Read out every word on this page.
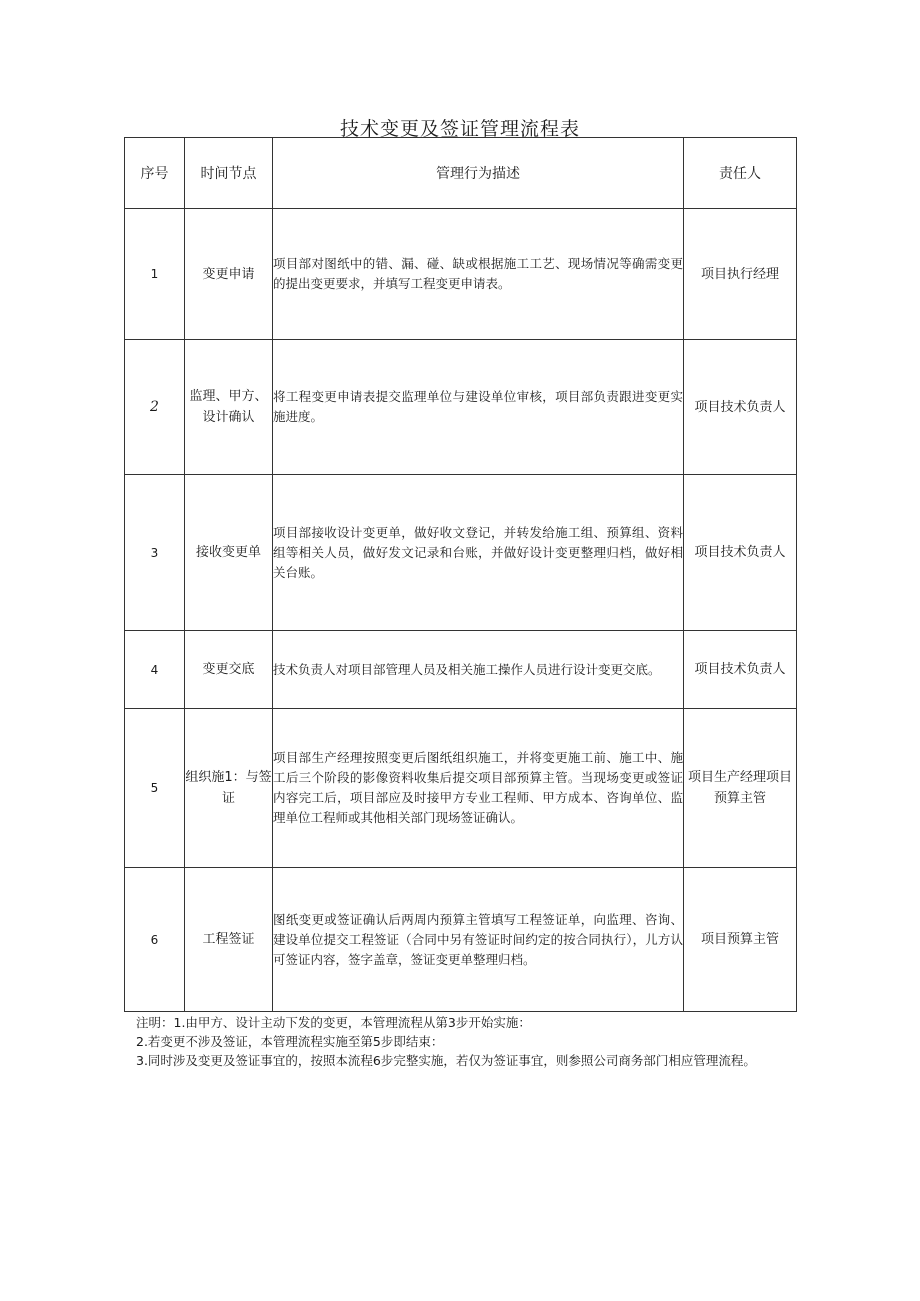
技术变更及签证管理流程表
序号	时间节点	管理行为描述	责任人
1	变更申请	项目部对图纸中的错、漏、碰、缺或根据施工工艺、现场情况等确需变更的提出变更要求，并填写工程变更申请表。	项目执行经理
2	监理、甲方、设计确认	将工程变更申请表提交监理单位与建设单位审核，项目部负责跟进变更实施进度。	项目技术负责人
3	接收变更单	项目部接收设计变更单，做好收文登记，并转发给施工组、预算组、资料组等相关人员，做好发文记录和台账，并做好设计变更整理归档，做好相关台账。	项目技术负责人
4	变更交底	技术负责人对项目部管理人员及相关施工操作人员进行设计变更交底。	项目技术负责人
5	组织施1：与签证	项目部生产经理按照变更后图纸组织施工，并将变更施工前、施工中、施工后三个阶段的影像资料收集后提交项目部预算主管。当现场变更或签证内容完工后，项目部应及时接甲方专业工程师、甲方成本、咨询单位、监理单位工程师或其他相关部门现场签证确认。	项目生产经理项目预算主管
6	工程签证	图纸变更或签证确认后两周内预算主管填写工程签证单，向监理、咨询、建设单位提交工程签证（合同中另有签证时间约定的按合同执行），儿方认可签证内容，签字盖章，签证变更单整理归档。	项目预算主管
注明：1.由甲方、设计主动下发的变更，本管理流程从第3步开始实施：
2.若变更不涉及签证，本管理流程实施至第5步即结束：
3.同时涉及变更及签证事宜的，按照本流程6步完整实施，若仅为签证事宜，则参照公司商务部门相应管理流程。
